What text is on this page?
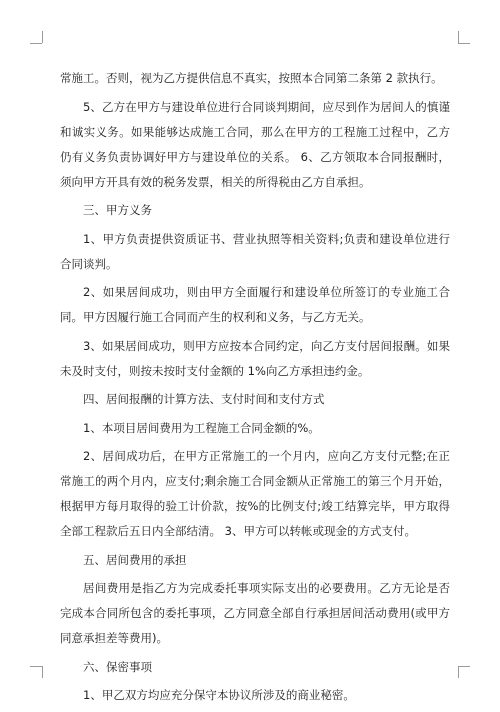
常施工。否则，视为乙方提供信息不真实，按照本合同第二条第 2 款执行。

5、乙方在甲方与建设单位进行合同谈判期间，应尽到作为居间人的慎谨和诚实义务。如果能够达成施工合同，那么在甲方的工程施工过程中，乙方仍有义务负责协调好甲方与建设单位的关系。 6、乙方领取本合同报酬时，须向甲方开具有效的税务发票，相关的所得税由乙方自承担。

三、甲方义务

1、甲方负责提供资质证书、营业执照等相关资料;负责和建设单位进行合同谈判。

2、如果居间成功，则由甲方全面履行和建设单位所签订的专业施工合同。甲方因履行施工合同而产生的权利和义务，与乙方无关。

3、如果居间成功，则甲方应按本合同约定，向乙方支付居间报酬。如果未及时支付，则按未按时支付金额的 1%向乙方承担违约金。

四、居间报酬的计算方法、支付时间和支付方式

1、本项目居间费用为工程施工合同金额的%。

2、居间成功后，在甲方正常施工的一个月内，应向乙方支付元整;在正常施工的两个月内，应支付;剩余施工合同金额从正常施工的第三个月开始，根据甲方每月取得的验工计价款，按%的比例支付;竣工结算完毕，甲方取得全部工程款后五日内全部结清。 3、甲方可以转帐或现金的方式支付。

五、居间费用的承担

居间费用是指乙方为完成委托事项实际支出的必要费用。乙方无论是否完成本合同所包含的委托事项，乙方同意全部自行承担居间活动费用(或甲方同意承担差等费用)。

六、保密事项

1、甲乙双方均应充分保守本协议所涉及的商业秘密。
